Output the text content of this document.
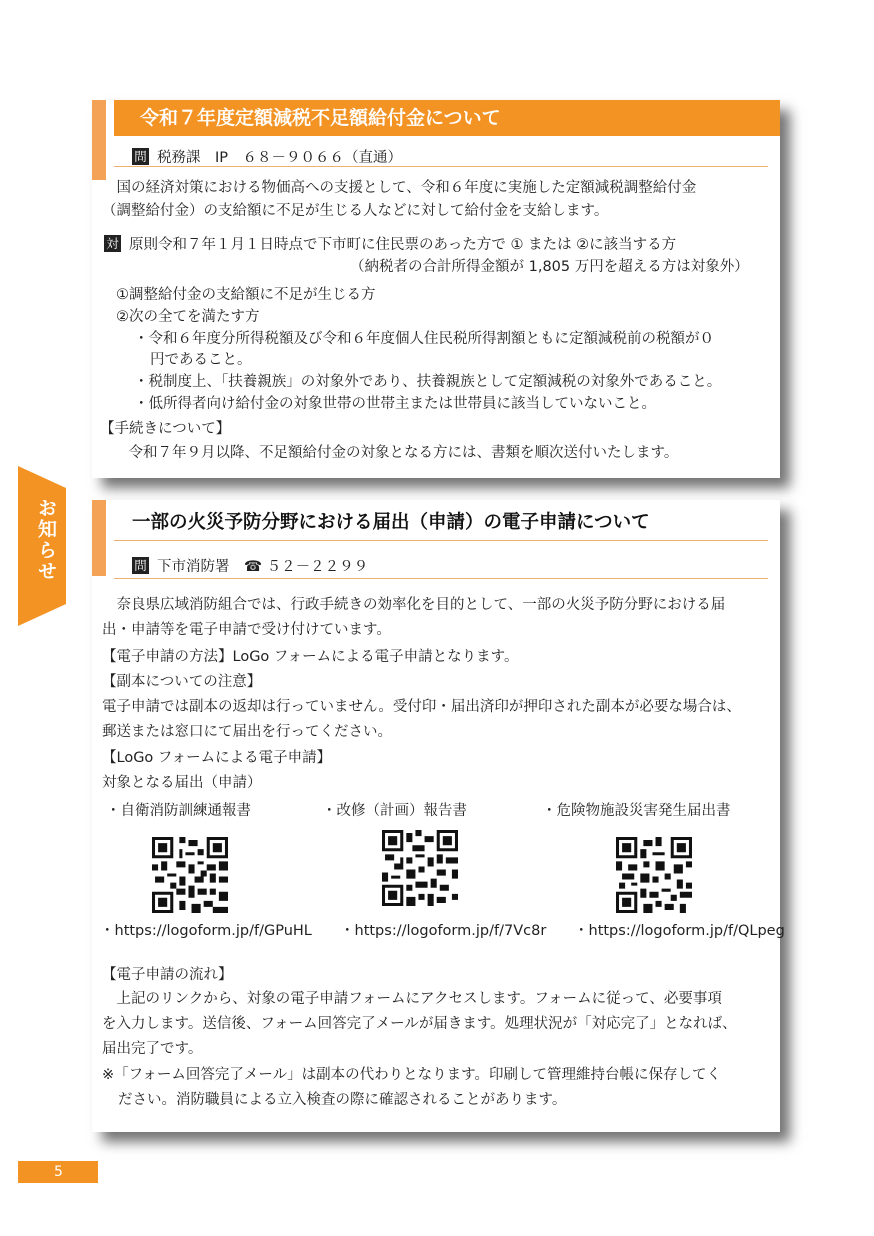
お知らせ
令和７年度定額減税不足額給付金について
問 税務課　IP　６８－９０６６（直通）
　国の経済対策における物価高への支援として、令和６年度に実施した定額減税調整給付金
（調整給付金）の支給額に不足が生じる人などに対して給付金を支給します。
対 原則令和７年１月１日時点で下市町に住民票のあった方で ① または ②に該当する方
（納税者の合計所得金額が 1,805 万円を超える方は対象外）
①調整給付金の支給額に不足が生じる方
②次の全てを満たす方
・令和６年度分所得税額及び令和６年度個人住民税所得割額ともに定額減税前の税額が０
円であること。
・税制度上、「扶養親族」の対象外であり、扶養親族として定額減税の対象外であること。
・低所得者向け給付金の対象世帯の世帯主または世帯員に該当していないこと。
【手続きについて】
　令和７年９月以降、不足額給付金の対象となる方には、書類を順次送付いたします。
一部の火災予防分野における届出（申請）の電子申請について
問 下市消防署　☎ ５２－２２９９
　奈良県広域消防組合では、行政手続きの効率化を目的として、一部の火災予防分野における届
出・申請等を電子申請で受け付けています。
【電子申請の方法】LoGo フォームによる電子申請となります。
【副本についての注意】
電子申請では副本の返却は行っていません。受付印・届出済印が押印された副本が必要な場合は、
郵送または窓口にて届出を行ってください。
【LoGo フォームによる電子申請】
対象となる届出（申請）
・自衛消防訓練通報書	・改修（計画）報告書	・危険物施設災害発生届出書
・https://logoform.jp/f/GPuHL ・https://logoform.jp/f/7Vc8r ・https://logoform.jp/f/QLpeg
【電子申請の流れ】
　上記のリンクから、対象の電子申請フォームにアクセスします。フォームに従って、必要事項
を入力します。送信後、フォーム回答完了メールが届きます。処理状況が「対応完了」となれば、
届出完了です。
※「フォーム回答完了メール」は副本の代わりとなります。印刷して管理維持台帳に保存してく
ださい。消防職員による立入検査の際に確認されることがあります。
5
